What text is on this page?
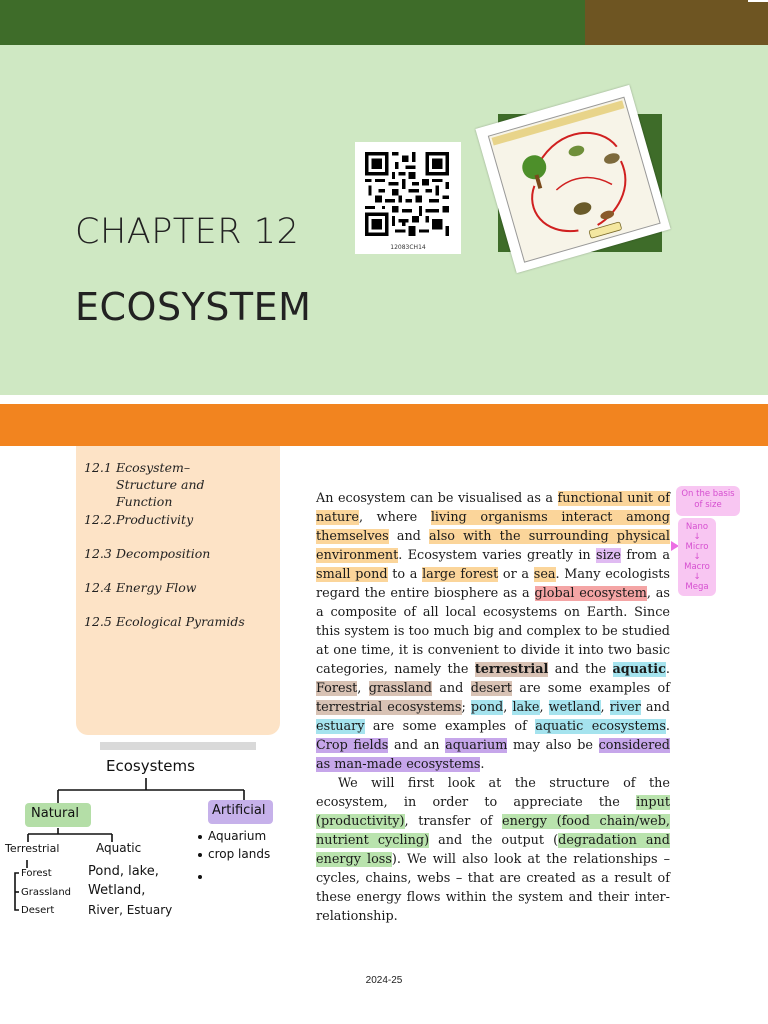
CHAPTER 12
ECOSYSTEM
12083CH14
12.1 Ecosystem–Structure and Function
12.2.Productivity
12.3 Decomposition
12.4 Energy Flow
12.5 Ecological Pyramids

An ecosystem can be visualised as a functional unit of nature, where living organisms interact among themselves and also with the surrounding physical environment. Ecosystem varies greatly in size from a small pond to a large forest or a sea. Many ecologists regard the entire biosphere as a global ecosystem, as a composite of all local ecosystems on Earth. Since this system is too much big and complex to be studied at one time, it is convenient to divide it into two basic categories, namely the terrestrial and the aquatic. Forest, grassland and desert are some examples of terrestrial ecosystems; pond, lake, wetland, river and estuary are some examples of aquatic ecosystems. Crop fields and an aquarium may also be considered as man-made ecosystems.

We will first look at the structure of the ecosystem, in order to appreciate the input (productivity), transfer of energy (food chain/web, nutrient cycling) and the output (degradation and energy loss). We will also look at the relationships – cycles, chains, webs – that are created as a result of these energy flows within the system and their inter- relationship.

On the basis of size
Nano
↓
Micro
↓
Macro
↓
Mega
Ecosystems
Natural	Artificial
Terrestrial	Aquatic
Forest
Grassland
Desert
Pond, lake,
Wetland,
River, Estuary
Aquarium
crop lands
2024-25
